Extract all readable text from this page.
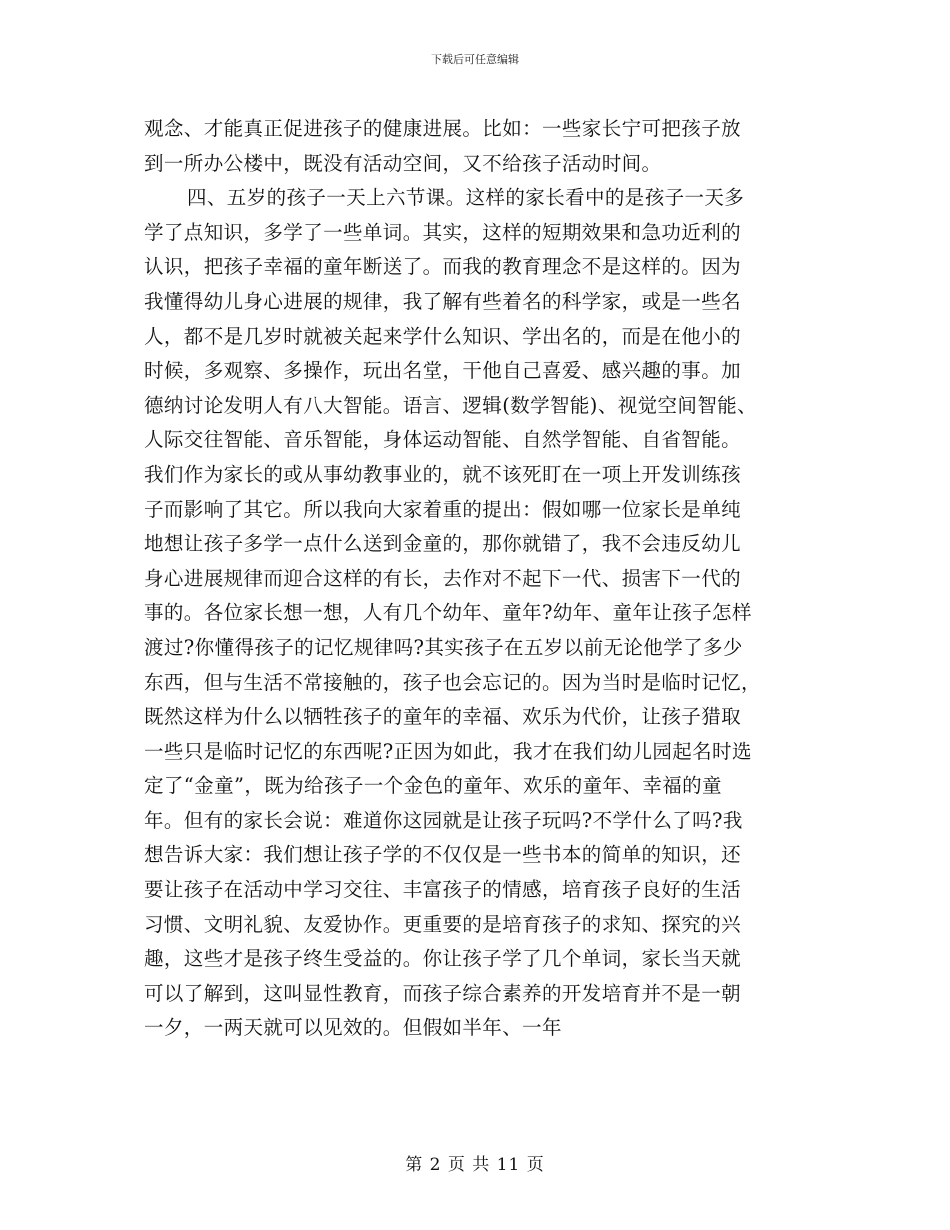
下载后可任意编辑
观念、才能真正促进孩子的健康进展。比如：一些家长宁可把孩子放
到一所办公楼中，既没有活动空间，又不给孩子活动时间。
四、五岁的孩子一天上六节课。这样的家长看中的是孩子一天多
学了点知识，多学了一些单词。其实，这样的短期效果和急功近利的
认识，把孩子幸福的童年断送了。而我的教育理念不是这样的。因为
我懂得幼儿身心进展的规律，我了解有些着名的科学家，或是一些名
人，都不是几岁时就被关起来学什么知识、学出名的，而是在他小的
时候，多观察、多操作，玩出名堂，干他自己喜爱、感兴趣的事。加
德纳讨论发明人有八大智能。语言、逻辑(数学智能)、视觉空间智能、
人际交往智能、音乐智能，身体运动智能、自然学智能、自省智能。
我们作为家长的或从事幼教事业的，就不该死盯在一项上开发训练孩
子而影响了其它。所以我向大家着重的提出：假如哪一位家长是单纯
地想让孩子多学一点什么送到金童的，那你就错了，我不会违反幼儿
身心进展规律而迎合这样的有长，去作对不起下一代、损害下一代的
事的。各位家长想一想，人有几个幼年、童年?幼年、童年让孩子怎样
渡过?你懂得孩子的记忆规律吗?其实孩子在五岁以前无论他学了多少
东西，但与生活不常接触的，孩子也会忘记的。因为当时是临时记忆，
既然这样为什么以牺牲孩子的童年的幸福、欢乐为代价，让孩子猎取
一些只是临时记忆的东西呢?正因为如此，我才在我们幼儿园起名时选
定了“金童”，既为给孩子一个金色的童年、欢乐的童年、幸福的童
年。但有的家长会说：难道你这园就是让孩子玩吗?不学什么了吗?我
想告诉大家：我们想让孩子学的不仅仅是一些书本的简单的知识，还
要让孩子在活动中学习交往、丰富孩子的情感，培育孩子良好的生活
习惯、文明礼貌、友爱协作。更重要的是培育孩子的求知、探究的兴
趣，这些才是孩子终生受益的。你让孩子学了几个单词，家长当天就
可以了解到，这叫显性教育，而孩子综合素养的开发培育并不是一朝
一夕，一两天就可以见效的。但假如半年、一年
第 2 页 共 11 页
